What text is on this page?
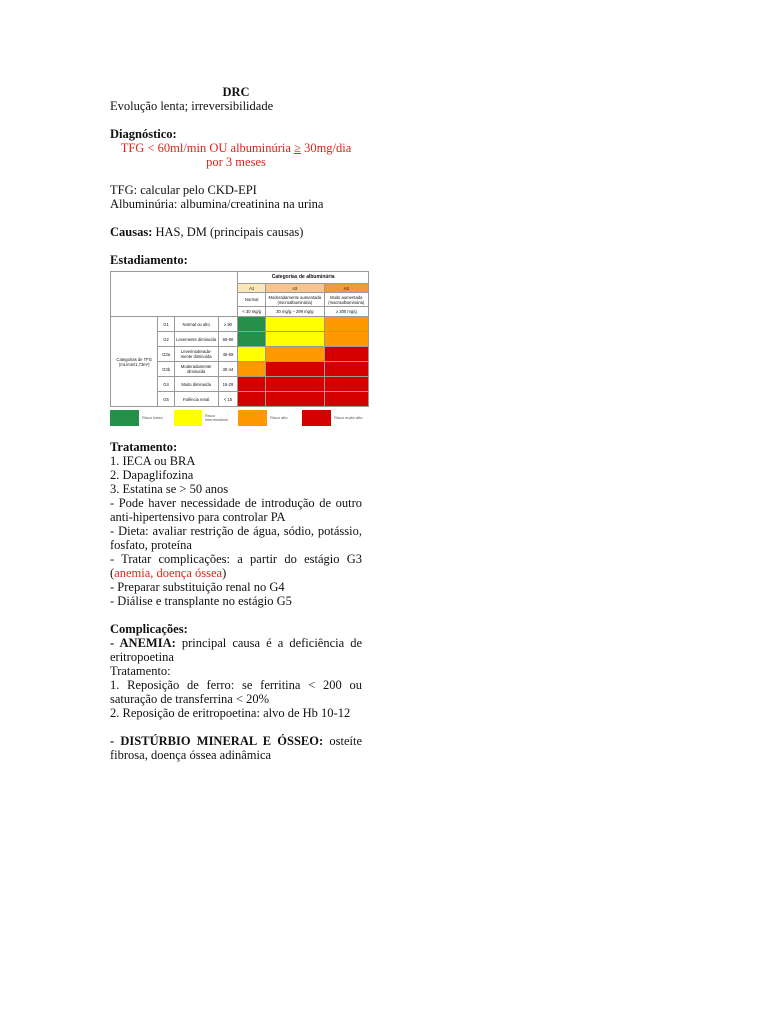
DRC

Evolução lenta; irreversibilidade

Diagnóstico:

TFG < 60ml/min OU albuminúria ≥ 30mg/dia

por 3 meses

TFG: calcular pelo CKD-EPI

Albuminúria: albumina/creatinina na urina

Causas: HAS, DM (principais causas)

Estadiamento:

				Categorias de albuminúria		
				A1	A2	A3
				Normal	Moderadamente aumentada (microalbuminúria)	Muito aumentada (macroalbuminúria)
				< 30 mg/g	30 mg/g – 299 mg/g	≥ 300 mg/g
Categorias de TFG (mL/min/1,73m²)	G1	Normal ou alto	≥ 90			
	G2	Levemente diminuída	60-90			
	G3a	Leve/moderada- mente diminuída	45-59			
	G3b	Moderadamente diminuída	30-44			
	G4	Muito diminuída	15-29			
	G5	Falência renal	< 15			
Risco baixo	Risco intermediário	Risco alto	Risco muito alto

Tratamento:

1. IECA ou BRA

2. Dapaglifozina

3. Estatina se > 50 anos

- Pode haver necessidade de introdução de outro anti-hipertensivo para controlar PA

- Dieta: avaliar restrição de água, sódio, potássio, fosfato, proteína

- Tratar complicações: a partir do estágio G3 (anemia, doença óssea)

- Preparar substituição renal no G4

- Diálise e transplante no estágio G5

Complicações:

- ANEMIA: principal causa é a deficiência de eritropoetina

Tratamento:

1. Reposição de ferro: se ferritina < 200 ou saturação de transferrina < 20%

2. Reposição de eritropoetina: alvo de Hb 10-12

- DISTÚRBIO MINERAL E ÓSSEO: osteíte fibrosa, doença óssea adinâmica
